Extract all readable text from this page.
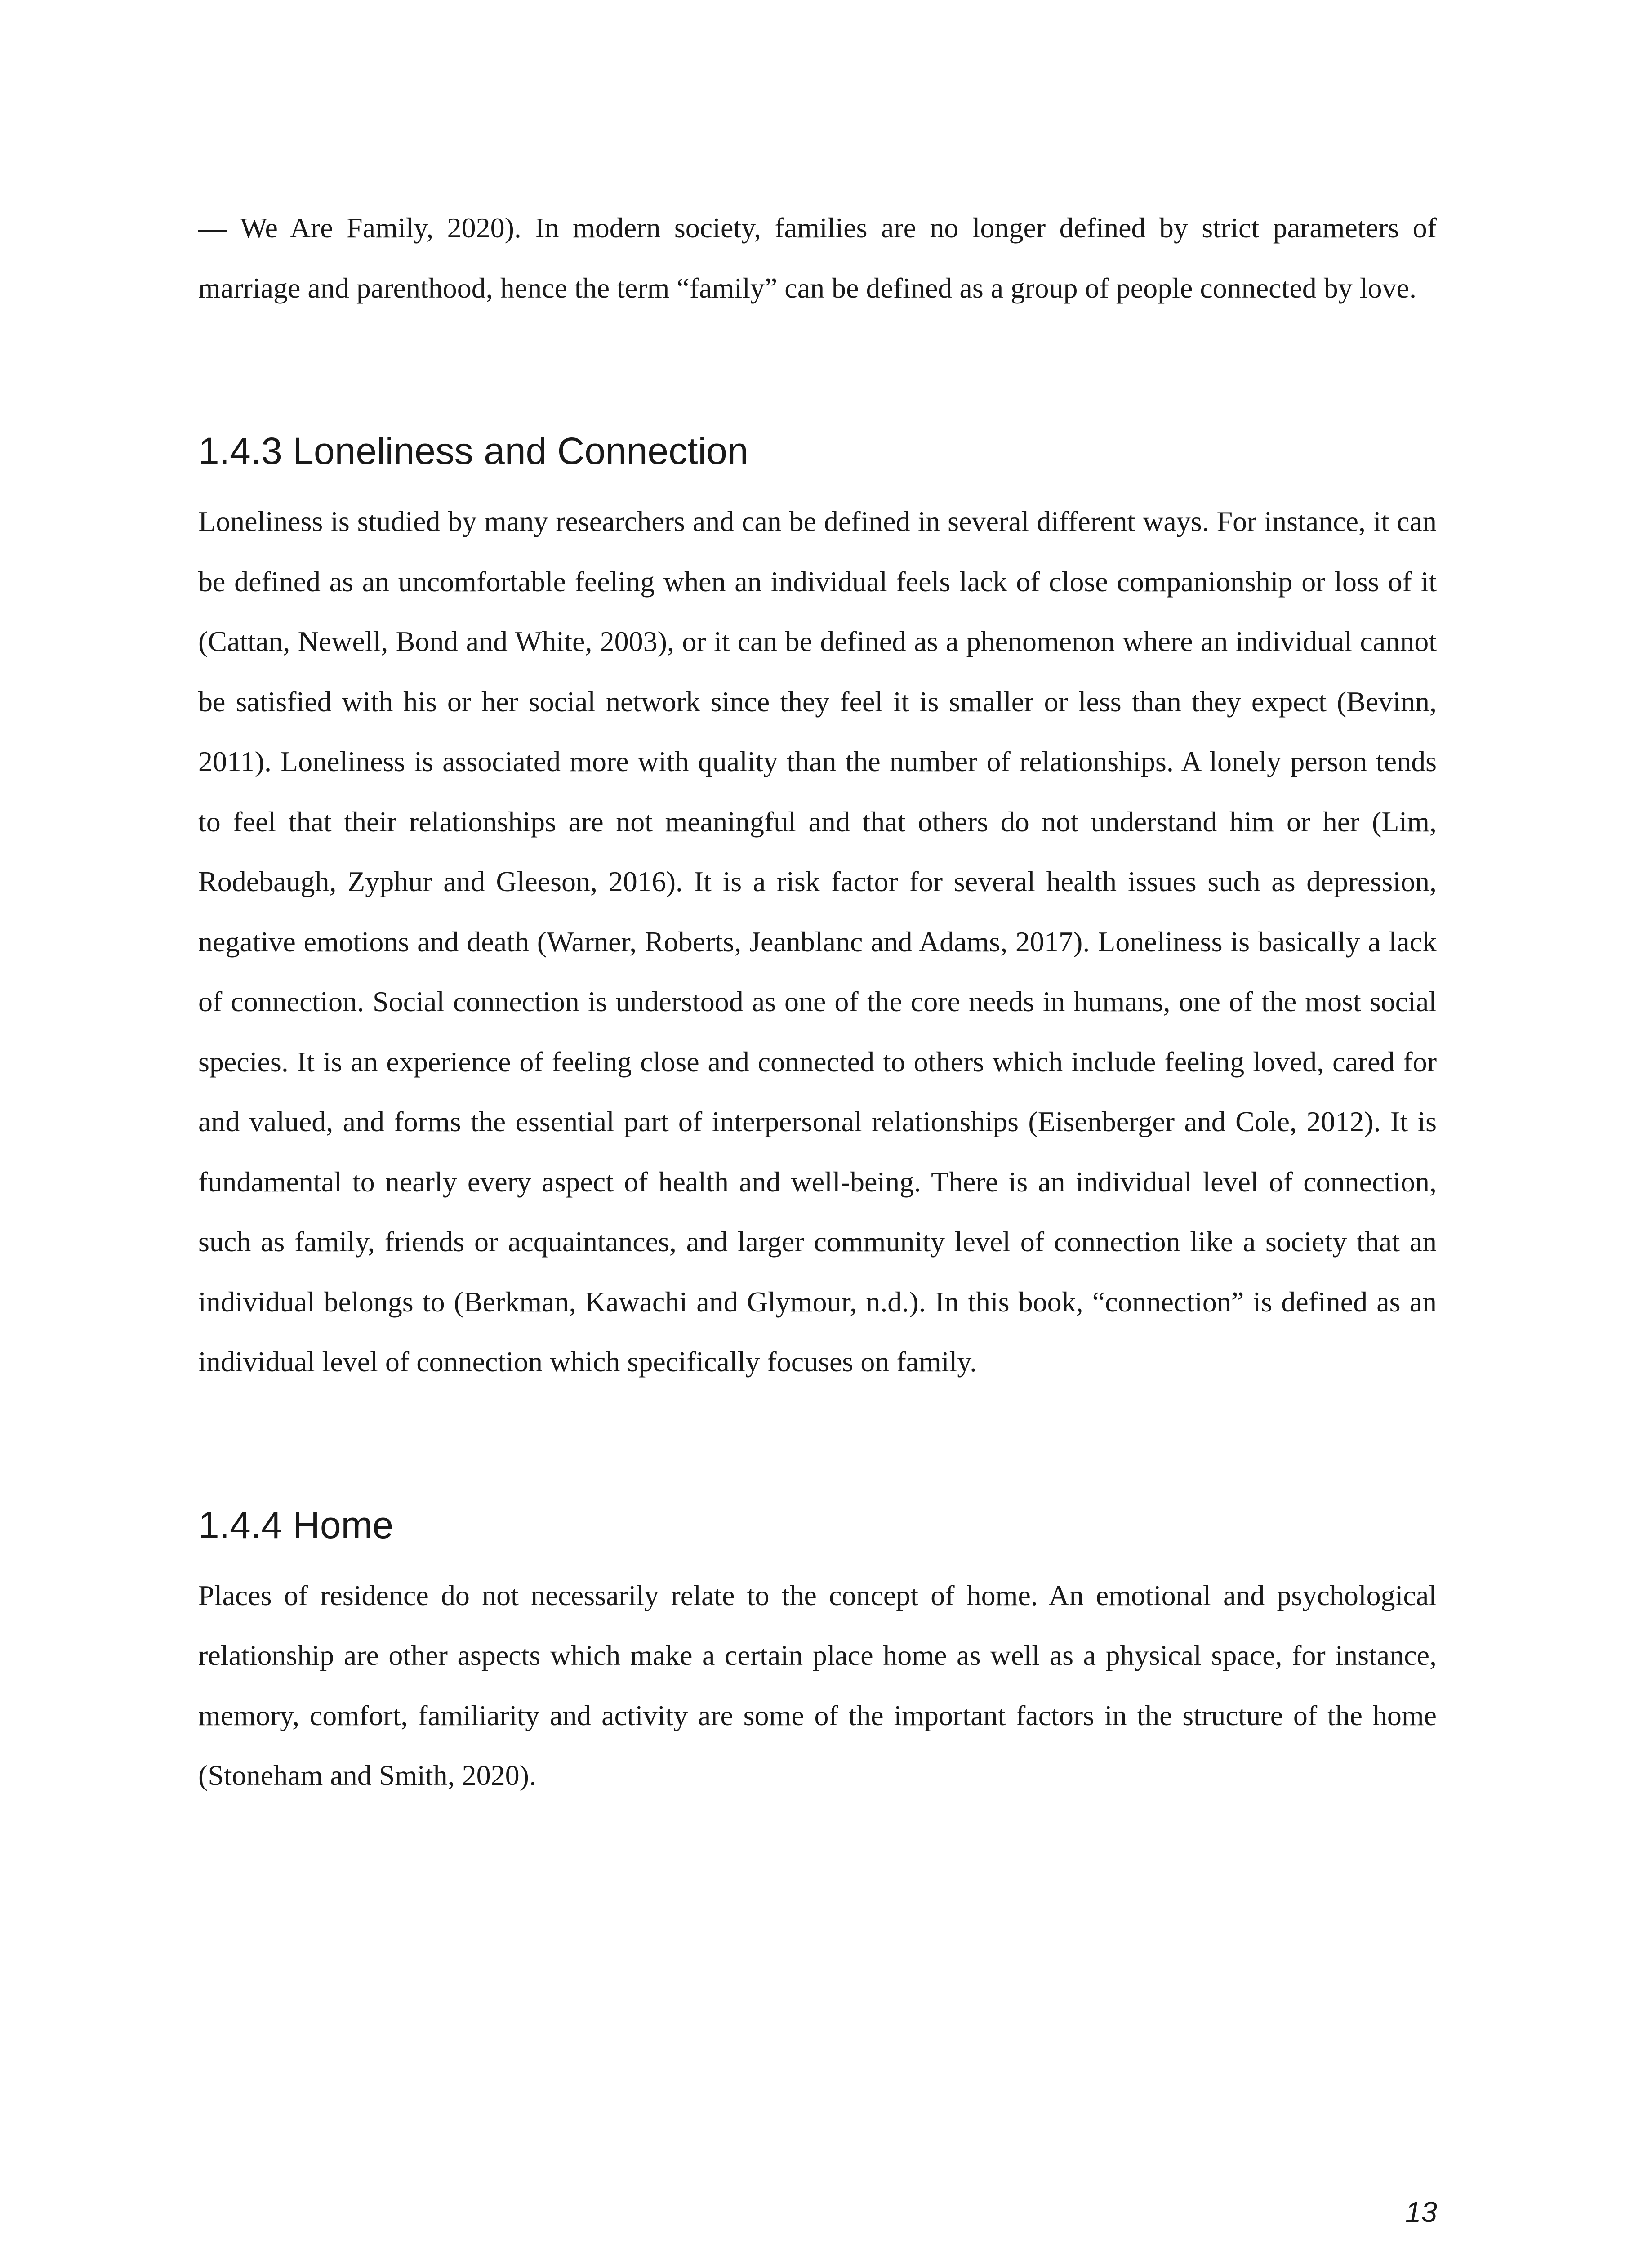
— We Are Family, 2020). In modern society, families are no longer defined by strict parameters of marriage and parenthood, hence the term “family” can be defined as a group of people connected by love.

1.4.3 Loneliness and Connection

Loneliness is studied by many researchers and can be defined in several different ways. For instance, it can be defined as an uncomfortable feeling when an individual feels lack of close companionship or loss of it (Cattan, Newell, Bond and White, 2003), or it can be defined as a phenomenon where an individual cannot be satisfied with his or her social network since they feel it is smaller or less than they expect (Bevinn, 2011). Loneliness is associated more with quality than the number of relationships. A lonely person tends to feel that their relationships are not meaningful and that others do not understand him or her (Lim, Rodebaugh, Zyphur and Gleeson, 2016). It is a risk factor for several health issues such as depression, negative emotions and death (Warner, Roberts, Jeanblanc and Adams, 2017). Loneliness is basically a lack of connection. Social connection is understood as one of the core needs in humans, one of the most social species. It is an experience of feeling close and connected to others which include feeling loved, cared for and valued, and forms the essential part of interpersonal relationships (Eisenberger and Cole, 2012). It is fundamental to nearly every aspect of health and well-being. There is an individual level of connection, such as family, friends or acquaintances, and larger community level of connection like a society that an individual belongs to (Berkman, Kawachi and Glymour, n.d.). In this book, “connection” is defined as an individual level of connection which specifically focuses on family.

1.4.4 Home

Places of residence do not necessarily relate to the concept of home. An emotional and psychological relationship are other aspects which make a certain place home as well as a physical space, for instance, memory, comfort, familiarity and activity are some of the important factors in the structure of the home (Stoneham and Smith, 2020).

13
